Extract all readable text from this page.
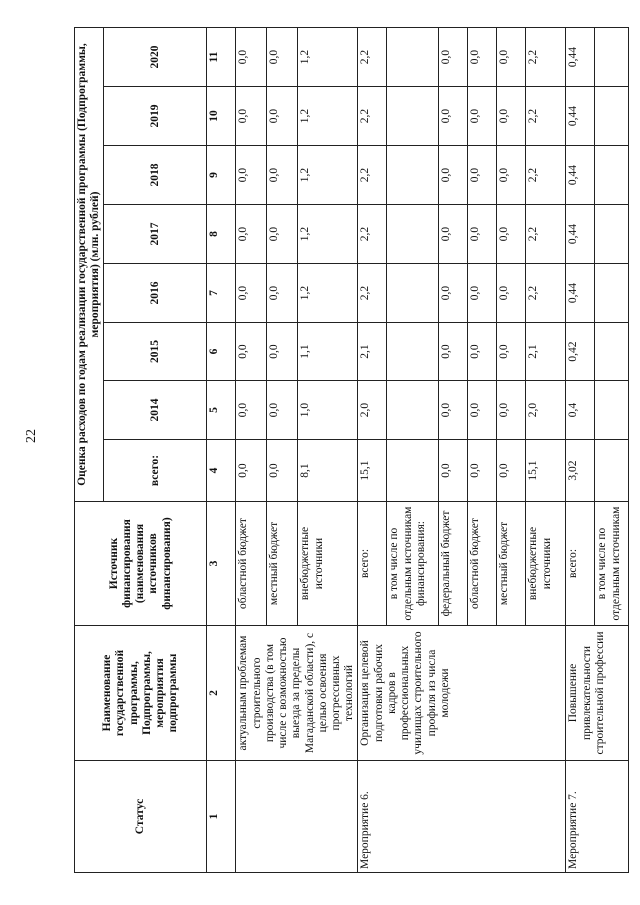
22
Статус	Наименование государственной программы, Подпрограммы, мероприятия подпрограммы	Источник финансирования (наименования источников финансирования)	Оценка расходов по годам реализации государственной программы (Подпрограммы, мероприятия) (млн. рублей)							
			всего:	2014	2015	2016	2017	2018	2019	2020
1	2	3	4	5	6	7	8	9	10	11
	актуальным проблемам строительного производства (в том числе с возможностью выезда за пределы Магаданской области), с целью освоения прогрессивных технологий	областной бюджет	0,0	0,0	0,0	0,0	0,0	0,0	0,0	0,0
		местный бюджет	0,0	0,0	0,0	0,0	0,0	0,0	0,0	0,0
		внебюджетные источники	8,1	1,0	1,1	1,2	1,2	1,2	1,2	1,2
Мероприятие 6.	Организация целевой подготовки рабочих кадров в профессиональных училищах строительного профиля из числа молодежи	всего:	15,1	2,0	2,1	2,2	2,2	2,2	2,2	2,2
		в том числе по отдельным источникам финансирования:								
		федеральный бюджет	0,0	0,0	0,0	0,0	0,0	0,0	0,0	0,0
		областной бюджет	0,0	0,0	0,0	0,0	0,0	0,0	0,0	0,0
		местный бюджет	0,0	0,0	0,0	0,0	0,0	0,0	0,0	0,0
		внебюджетные источники	15,1	2,0	2,1	2,2	2,2	2,2	2,2	2,2
Мероприятие 7.	Повышение привлекательности строительной профессии	всего:	3,02	0,4	0,42	0,44	0,44	0,44	0,44	0,44
		в том числе по отдельным источникам								
